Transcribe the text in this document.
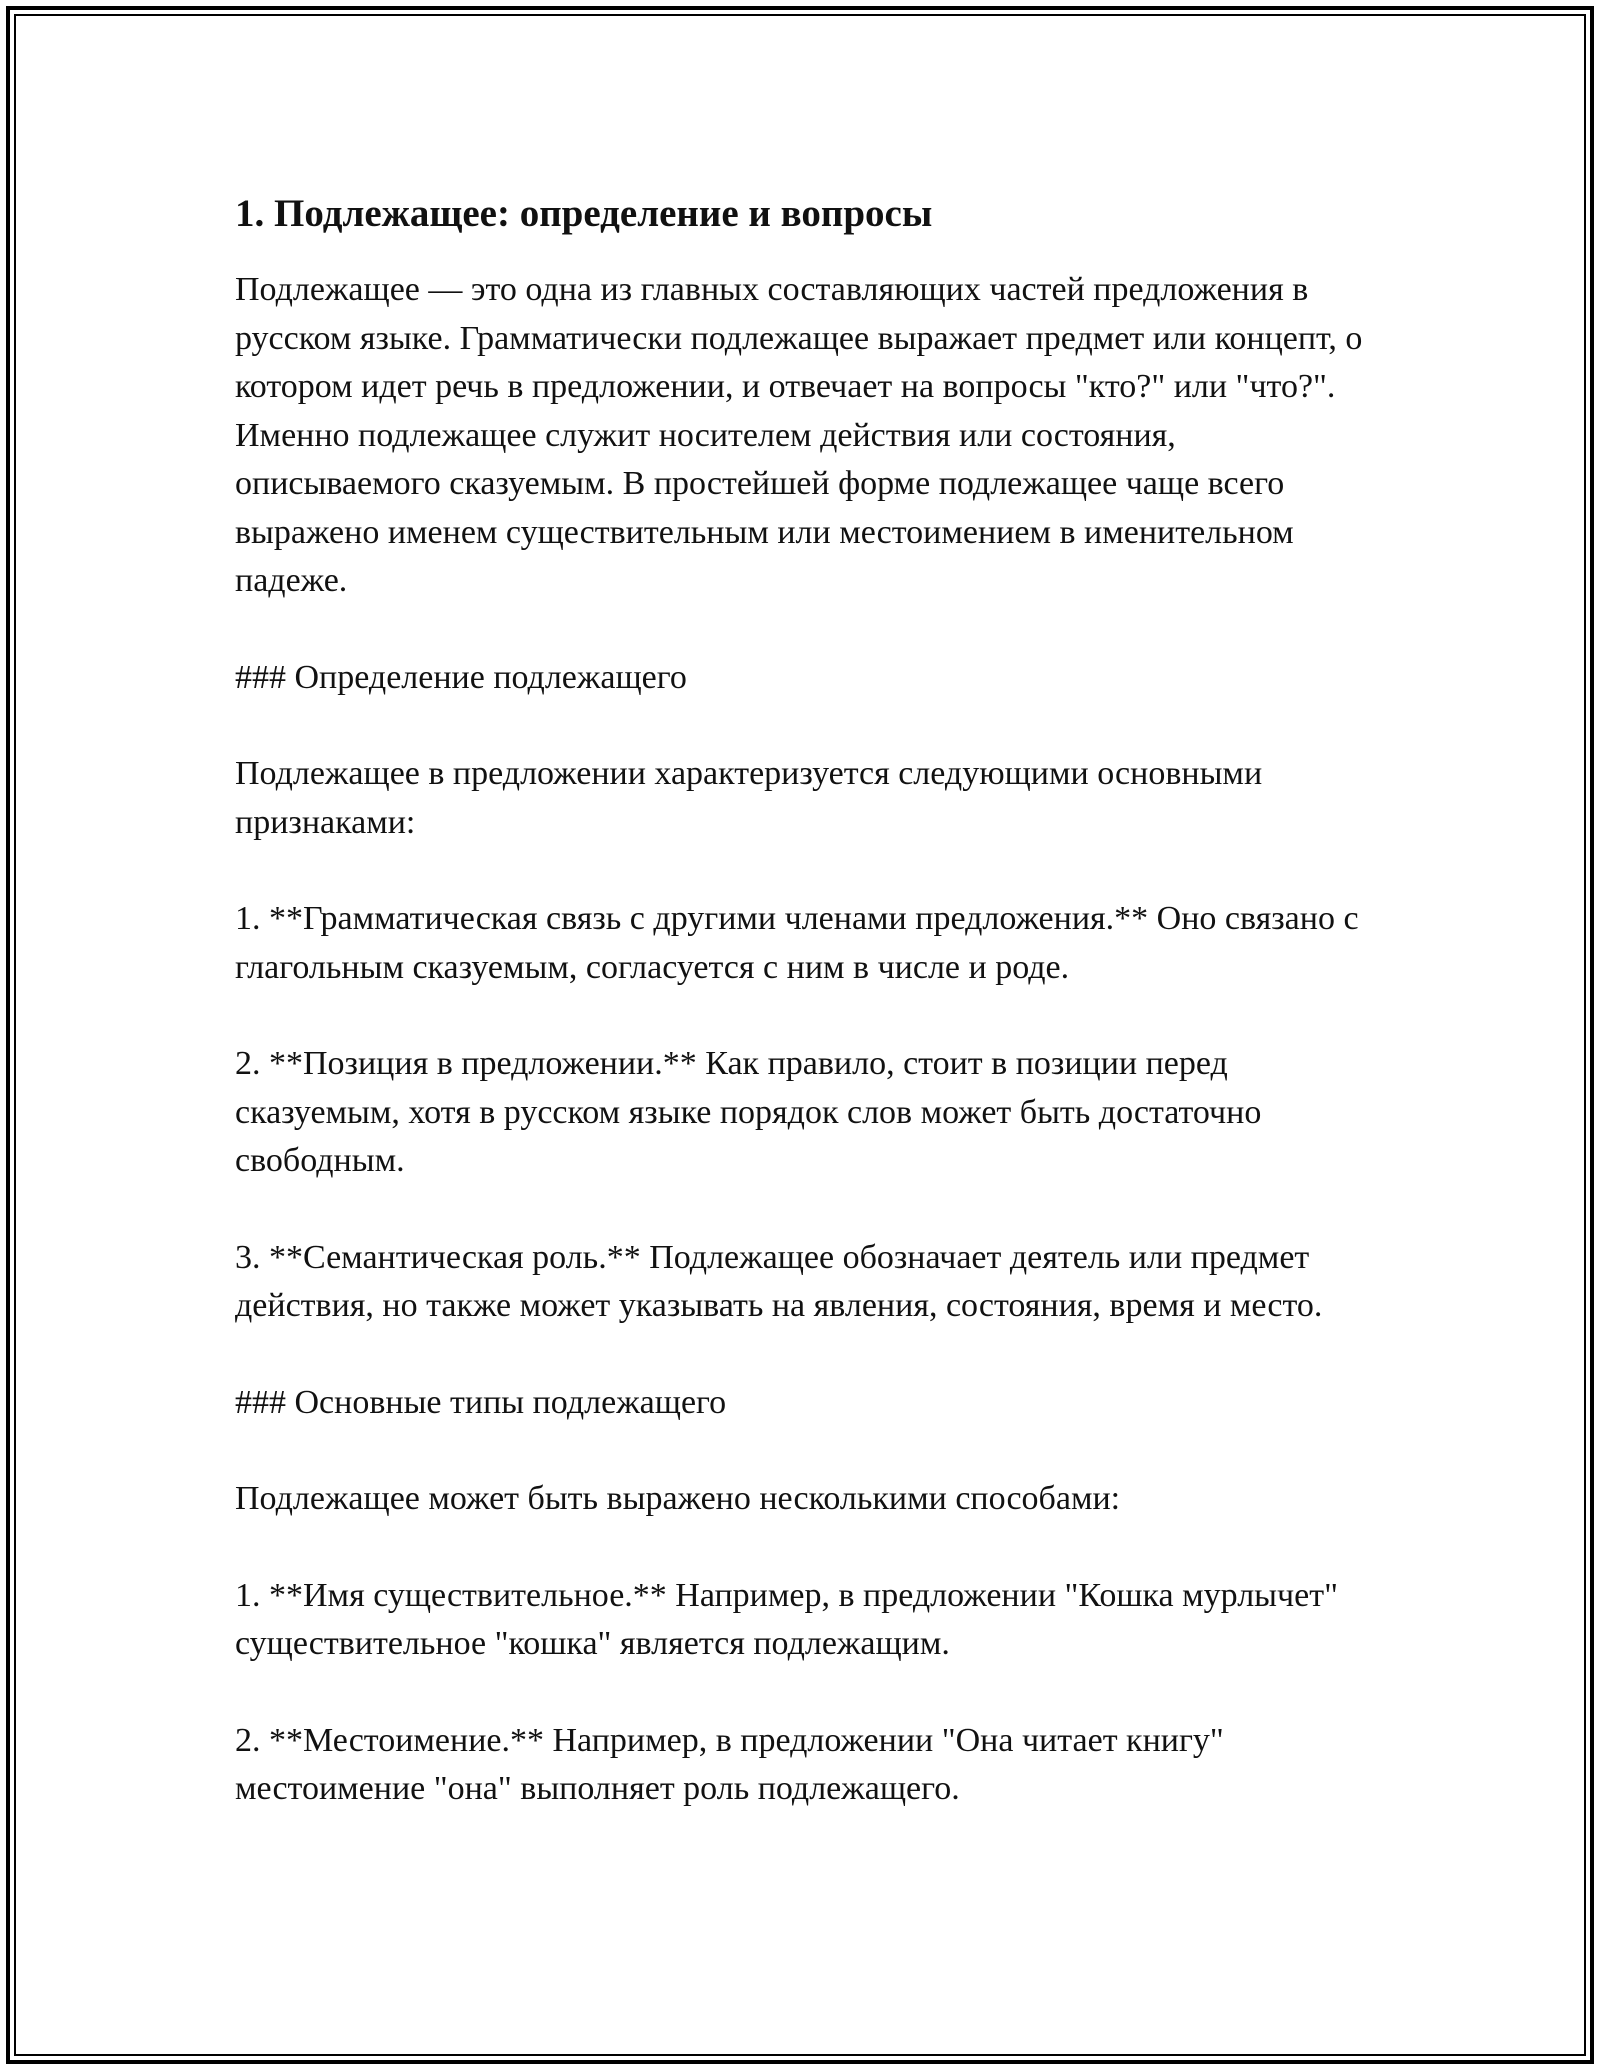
1. Подлежащее: определение и вопросы

Подлежащее — это одна из главных составляющих частей предложения в русском языке. Грамматически подлежащее выражает предмет или концепт, о котором идет речь в предложении, и отвечает на вопросы "кто?" или "что?". Именно подлежащее служит носителем действия или состояния, описываемого сказуемым. В простейшей форме подлежащее чаще всего выражено именем существительным или местоимением в именительном падеже.

### Определение подлежащего

Подлежащее в предложении характеризуется следующими основными признаками:

1. **Грамматическая связь с другими членами предложения.** Оно связано с глагольным сказуемым, согласуется с ним в числе и роде.

2. **Позиция в предложении.** Как правило, стоит в позиции перед сказуемым, хотя в русском языке порядок слов может быть достаточно свободным.

3. **Семантическая роль.** Подлежащее обозначает деятель или предмет действия, но также может указывать на явления, состояния, время и место.

### Основные типы подлежащего

Подлежащее может быть выражено несколькими способами:

1. **Имя существительное.** Например, в предложении "Кошка мурлычет" существительное "кошка" является подлежащим.

2. **Местоимение.** Например, в предложении "Она читает книгу" местоимение "она" выполняет роль подлежащего.
